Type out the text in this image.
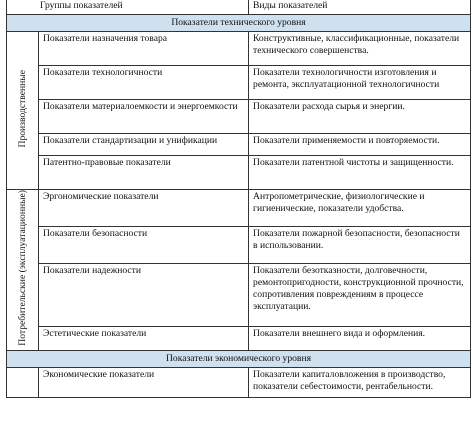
Группы показателей		Виды показателей
Показатели технического уровня		
Производственные	Показатели назначения товара	Конструктивные, классификационные, показатели технического совершенства.
	Показатели технологичности	Показатели технологичности изготовления и ремонта, эксплуатационной технологичности
	Показатели материалоемкости и энергоемкости	Показатели расхода сырья и энергии.
	Показатели стандартизации и унификации	Показатели применяемости и повторяемости.
	Патентно-правовые показатели	Показатели патентной чистоты и защищенности.
Потребительские (эксплуатационные)	Эргономические показатели	Антропометрические, физиологические и гигиенические, показатели удобства.
	Показатели безопасности	Показатели пожарной безопасности, безопасности в использовании.
	Показатели надежности	Показатели безотказности, долговечности, ремонтопригодности, конструкционной прочности, сопротивления повреждениям в процессе эксплуатации.
	Эстетические показатели	Показатели внешнего вида и оформления.
Показатели экономического уровня		
	Экономические показатели	Показатели капиталовложения в производство, показатели себестоимости, рентабельности.
